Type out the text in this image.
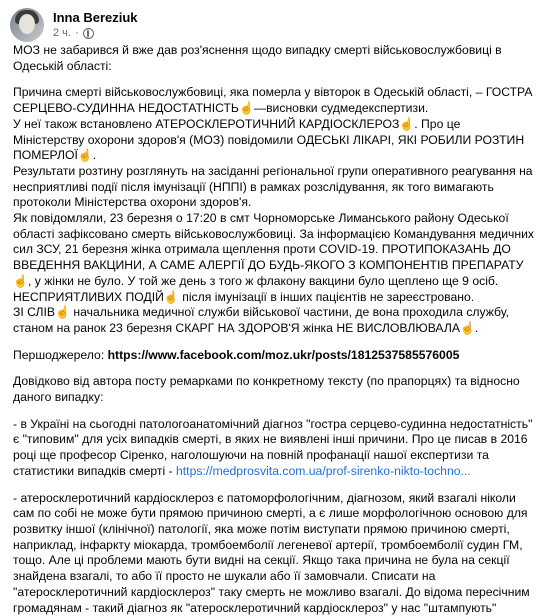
Inna Bereziuk
2 ч. ·

МОЗ не забарився й вже дав роз'яснення щодо випадку смерті військовослужбовиці в Одеській області:

Причина смерті військовослужбовиці, яка померла у вівторок в Одеській області, – ГОСТРА СЕРЦЕВО-СУДИННА НЕДОСТАТНІСТЬ☝—висновки судмедекспертизи.

У неї також встановлено АТЕРОСКЛЕРОТИЧНИЙ КАРДІОСКЛЕРОЗ☝. Про це Міністерству охорони здоров'я (МОЗ) повідомили ОДЕСЬКІ ЛІКАРІ, ЯКІ РОБИЛИ РОЗТИН ПОМЕРЛОЇ☝.

Результати розтину розглянуть на засіданні регіональної групи оперативного реагування на несприятливі події після імунізації (НППІ) в рамках розслідування, як того вимагають протоколи Міністерства охорони здоров'я.

Як повідомляли, 23 березня о 17:20 в смт Чорноморське Лиманського району Одеської області зафіксовано смерть військовослужбовиці. За інформацією Командування медичних сил ЗСУ, 21 березня жінка отримала щеплення проти COVID-19. ПРОТИПОКАЗАНЬ ДО ВВЕДЕННЯ ВАКЦИНИ, А САМЕ АЛЕРГІЇ ДО БУДЬ-ЯКОГО З КОМПОНЕНТІВ ПРЕПАРАТУ☝, у жінки не було. У той же день з того ж флакону вакцини було щеплено ще 9 осіб. НЕСПРИЯТЛИВИХ ПОДІЙ☝ після імунізації в інших пацієнтів не зареєстровано.

ЗІ СЛІВ☝ начальника медичної служби військової частини, де вона проходила службу, станом на ранок 23 березня СКАРГ НА ЗДОРОВ'Я жінка НЕ ВИСЛОВЛЮВАЛА☝.

Першоджерело: https://www.facebook.com/moz.ukr/posts/1812537585576005

Довідково від автора посту ремарками по конкретному тексту (по прапорцях) та відносно даного випадку:

- в Україні на сьогодні патологоанатомічний діагноз "гостра серцево-судинна недостатність" є "типовим" для усіх випадків смерті, в яких не виявлені інші причини. Про це писав в 2016 році ще професор Сіренко, наголошуючи на повній профанації нашої експертизи та статистики випадків смерті - https://medprosvita.com.ua/prof-sirenko-nikto-tochno...

- атеросклеротичний кардіосклероз є патоморфологічним, діагнозом, який взагалі ніколи сам по собі не може бути прямою причиною смерті, а є лише морфологічною основою для розвитку іншої (клінічної) патології, яка може потім виступати прямою причиною смерті, наприклад, інфаркту міокарда, тромбоемболії легеневої артерії, тромбоемболії судин ГМ, тощо. Але ці проблеми мають бути видні на секції. Якщо така причина не була на секції знайдена взагалі, то або її просто не шукали або її замовчали. Списати на "атеросклеротичний кардіосклероз" таку смерть не можливо взагалі. До відома пересічним громадянам - такий діагноз як "атеросклеротичний кардіосклероз" у нас "штампують"
